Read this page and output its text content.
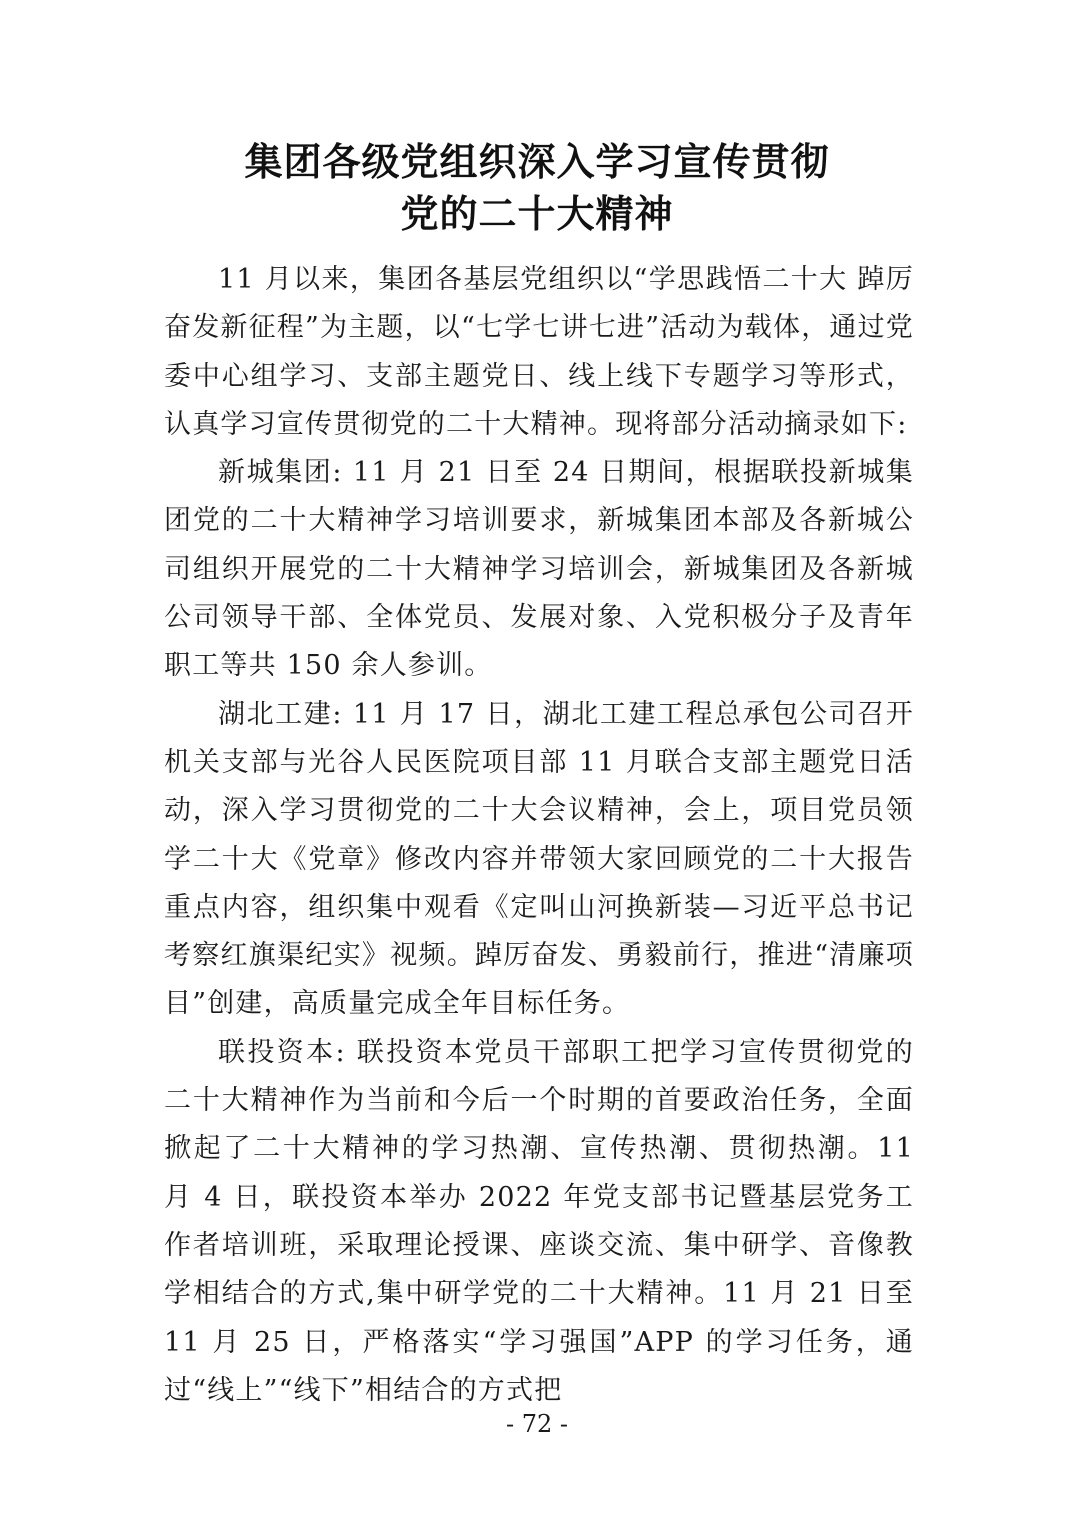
集团各级党组织深入学习宣传贯彻
党的二十大精神

11 月以来，集团各基层党组织以“学思践悟二十大 踔厉奋发新征程”为主题，以“七学七讲七进”活动为载体，通过党委中心组学习、支部主题党日、线上线下专题学习等形式，认真学习宣传贯彻党的二十大精神。现将部分活动摘录如下:

新城集团: 11 月 21 日至 24 日期间，根据联投新城集团党的二十大精神学习培训要求，新城集团本部及各新城公司组织开展党的二十大精神学习培训会，新城集团及各新城公司领导干部、全体党员、发展对象、入党积极分子及青年职工等共 150 余人参训。

湖北工建: 11 月 17 日，湖北工建工程总承包公司召开机关支部与光谷人民医院项目部 11 月联合支部主题党日活动，深入学习贯彻党的二十大会议精神，会上，项目党员领学二十大《党章》修改内容并带领大家回顾党的二十大报告重点内容，组织集中观看《定叫山河换新装—习近平总书记考察红旗渠纪实》视频。踔厉奋发、勇毅前行，推进“清廉项目”创建，高质量完成全年目标任务。

联投资本: 联投资本党员干部职工把学习宣传贯彻党的二十大精神作为当前和今后一个时期的首要政治任务，全面掀起了二十大精神的学习热潮、宣传热潮、贯彻热潮。11 月 4 日，联投资本举办 2022 年党支部书记暨基层党务工作者培训班，采取理论授课、座谈交流、集中研学、音像教学相结合的方式,集中研学党的二十大精神。11 月 21 日至 11 月 25 日，严格落实“学习强国”APP 的学习任务，通过“线上”“线下”相结合的方式把

- 72 -
